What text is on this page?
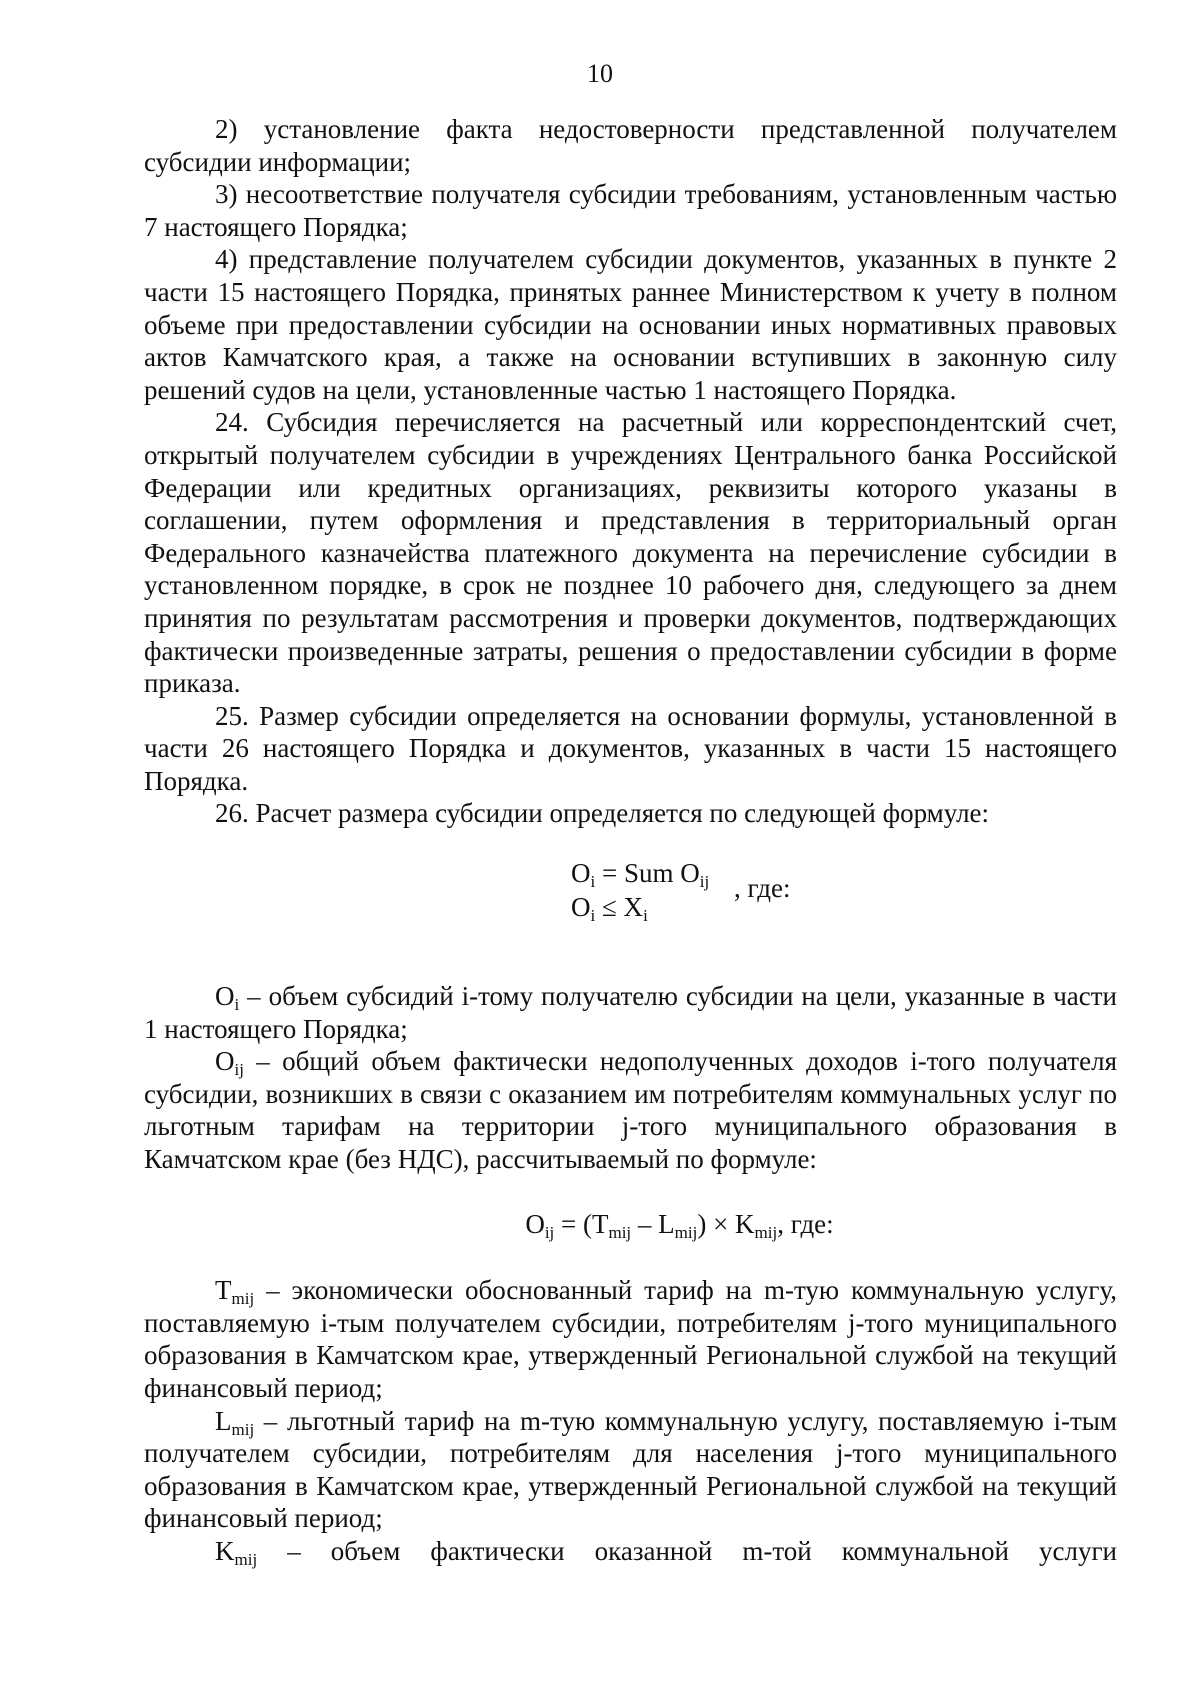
10

2) установление факта недостоверности представленной получателем субсидии информации;

3) несоответствие получателя субсидии требованиям, установленным частью 7 настоящего Порядка;

4) представление получателем субсидии документов, указанных в пункте 2 части 15 настоящего Порядка, принятых раннее Министерством к учету в полном объеме при предоставлении субсидии на основании иных нормативных правовых актов Камчатского края, а также на основании вступивших в законную силу решений судов на цели, установленные частью 1 настоящего Порядка.

24. Субсидия перечисляется на расчетный или корреспондентский счет, открытый получателем субсидии в учреждениях Центрального банка Российской Федерации или кредитных организациях, реквизиты которого указаны в соглашении, путем оформления и представления в территориальный орган Федерального казначейства платежного документа на перечисление субсидии в установленном порядке, в срок не позднее 10 рабочего дня, следующего за днем принятия по результатам рассмотрения и проверки документов, подтверждающих фактически произведенные затраты, решения о предоставлении субсидии в форме приказа.

25. Размер субсидии определяется на основании формулы, установленной в части 26 настоящего Порядка и документов, указанных в части 15 настоящего Порядка.

26. Расчет размера субсидии определяется по следующей формуле:

$O_i$ = Sum $O_{ij}$
$O_i \le X_i$
, где:

$O_i$ – объем субсидий i-тому получателю субсидии на цели, указанные в части 1 настоящего Порядка;

$O_{ij}$ – общий объем фактически недополученных доходов i-того получателя субсидии, возникших в связи с оказанием им потребителям коммунальных услуг по льготным тарифам на территории j-того муниципального образования в Камчатском крае (без НДС), рассчитываемый по формуле:

$O_{ij} = (T_{mij} - L_{mij}) \times K_{mij}$, где:

$T_{mij}$ – экономически обоснованный тариф на m-тую коммунальную услугу, поставляемую i-тым получателем субсидии, потребителям j-того муниципального образования в Камчатском крае, утвержденный Региональной службой на текущий финансовый период;

$L_{mij}$ – льготный тариф на m-тую коммунальную услугу, поставляемую i-тым получателем субсидии, потребителям для населения j-того муниципального образования в Камчатском крае, утвержденный Региональной службой на текущий финансовый период;

$K_{mij}$ – объем фактически оказанной m-той коммунальной услуги
